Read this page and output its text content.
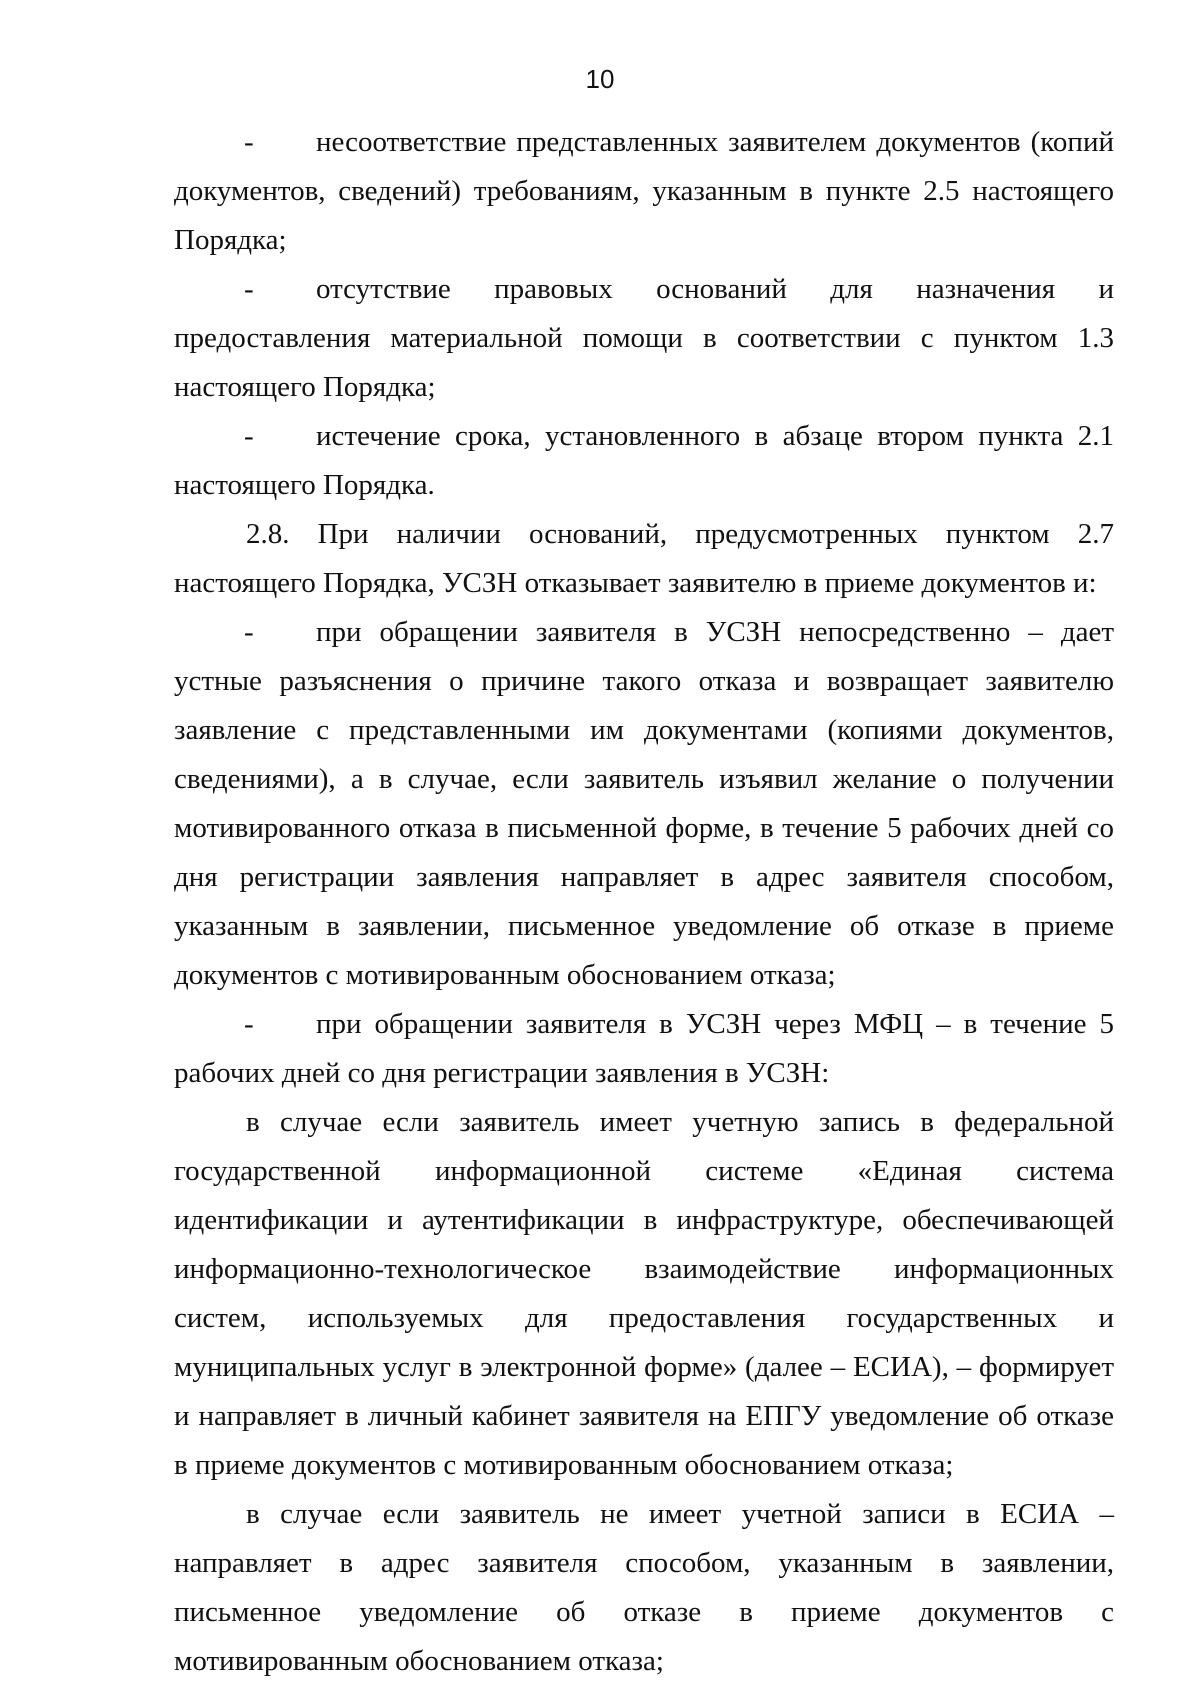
10

- несоответствие представленных заявителем документов (копий документов, сведений) требованиям, указанным в пункте 2.5 настоящего Порядка;

- отсутствие правовых оснований для назначения и предоставления материальной помощи в соответствии с пунктом 1.3 настоящего Порядка;

- истечение срока, установленного в абзаце втором пункта 2.1 настоящего Порядка.

2.8. При наличии оснований, предусмотренных пунктом 2.7 настоящего Порядка, УСЗН отказывает заявителю в приеме документов и:

- при обращении заявителя в УСЗН непосредственно – дает устные разъяснения о причине такого отказа и возвращает заявителю заявление с представленными им документами (копиями документов, сведениями), а в случае, если заявитель изъявил желание о получении мотивированного отказа в письменной форме, в течение 5 рабочих дней со дня регистрации заявления направляет в адрес заявителя способом, указанным в заявлении, письменное уведомление об отказе в приеме документов с мотивированным обоснованием отказа;

- при обращении заявителя в УСЗН через МФЦ – в течение 5 рабочих дней со дня регистрации заявления в УСЗН:

в случае если заявитель имеет учетную запись в федеральной государственной информационной системе «Единая система идентификации и аутентификации в инфраструктуре, обеспечивающей информационно-технологическое взаимодействие информационных систем, используемых для предоставления государственных и муниципальных услуг в электронной форме» (далее – ЕСИА), – формирует и направляет в личный кабинет заявителя на ЕПГУ уведомление об отказе в приеме документов с мотивированным обоснованием отказа;

в случае если заявитель не имеет учетной записи в ЕСИА – направляет в адрес заявителя способом, указанным в заявлении, письменное уведомление об отказе в приеме документов с мотивированным обоснованием отказа;
